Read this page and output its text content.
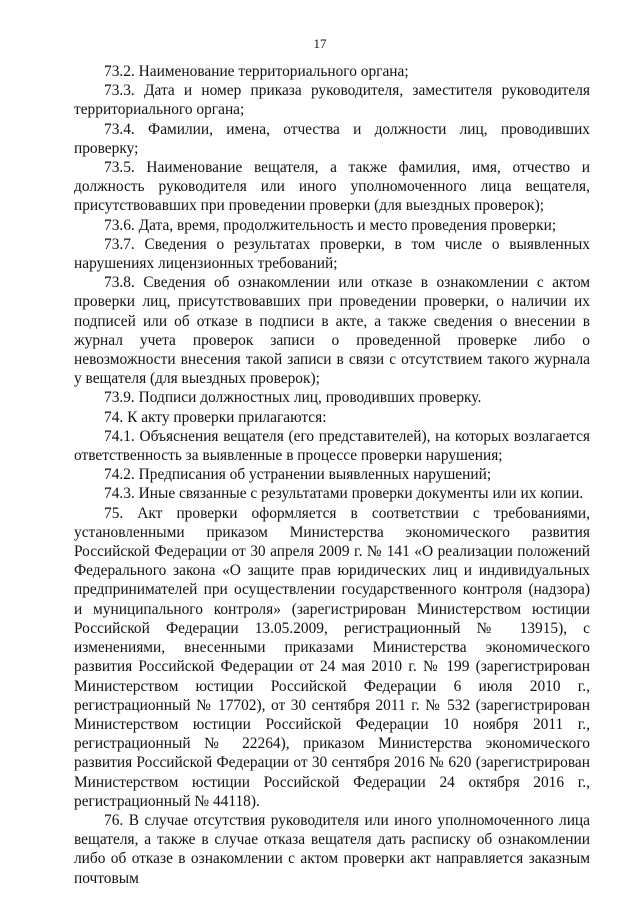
17

73.2. Наименование территориального органа;

73.3. Дата и номер приказа руководителя, заместителя руководителя территориального органа;

73.4. Фамилии, имена, отчества и должности лиц, проводивших проверку;

73.5. Наименование вещателя, а также фамилия, имя, отчество и должность руководителя или иного уполномоченного лица вещателя, присутствовавших при проведении проверки (для выездных проверок);

73.6. Дата, время, продолжительность и место проведения проверки;

73.7. Сведения о результатах проверки, в том числе о выявленных нарушениях лицензионных требований;

73.8. Сведения об ознакомлении или отказе в ознакомлении с актом проверки лиц, присутствовавших при проведении проверки, о наличии их подписей или об отказе в подписи в акте, а также сведения о внесении в журнал учета проверок записи о проведенной проверке либо о невозможности внесения такой записи в связи с отсутствием такого журнала у вещателя (для выездных проверок);

73.9. Подписи должностных лиц, проводивших проверку.

74. К акту проверки прилагаются:

74.1. Объяснения вещателя (его представителей), на которых возлагается ответственность за выявленные в процессе проверки нарушения;

74.2. Предписания об устранении выявленных нарушений;

74.3. Иные связанные с результатами проверки документы или их копии.

75. Акт проверки оформляется в соответствии с требованиями, установленными приказом Министерства экономического развития Российской Федерации от 30 апреля 2009 г. № 141 «О реализации положений Федерального закона «О защите прав юридических лиц и индивидуальных предпринимателей при осуществлении государственного контроля (надзора) и муниципального контроля» (зарегистрирован Министерством юстиции Российской Федерации 13.05.2009, регистрационный № 13915), с изменениями, внесенными приказами Министерства экономического развития Российской Федерации от 24 мая 2010 г. № 199 (зарегистрирован Министерством юстиции Российской Федерации 6 июля 2010 г., регистрационный № 17702), от 30 сентября 2011 г. № 532 (зарегистрирован Министерством юстиции Российской Федерации 10 ноября 2011 г., регистрационный № 22264), приказом Министерства экономического развития Российской Федерации от 30 сентября 2016 № 620 (зарегистрирован Министерством юстиции Российской Федерации 24 октября 2016 г., регистрационный № 44118).

76. В случае отсутствия руководителя или иного уполномоченного лица вещателя, а также в случае отказа вещателя дать расписку об ознакомлении либо об отказе в ознакомлении с актом проверки акт направляется заказным почтовым
